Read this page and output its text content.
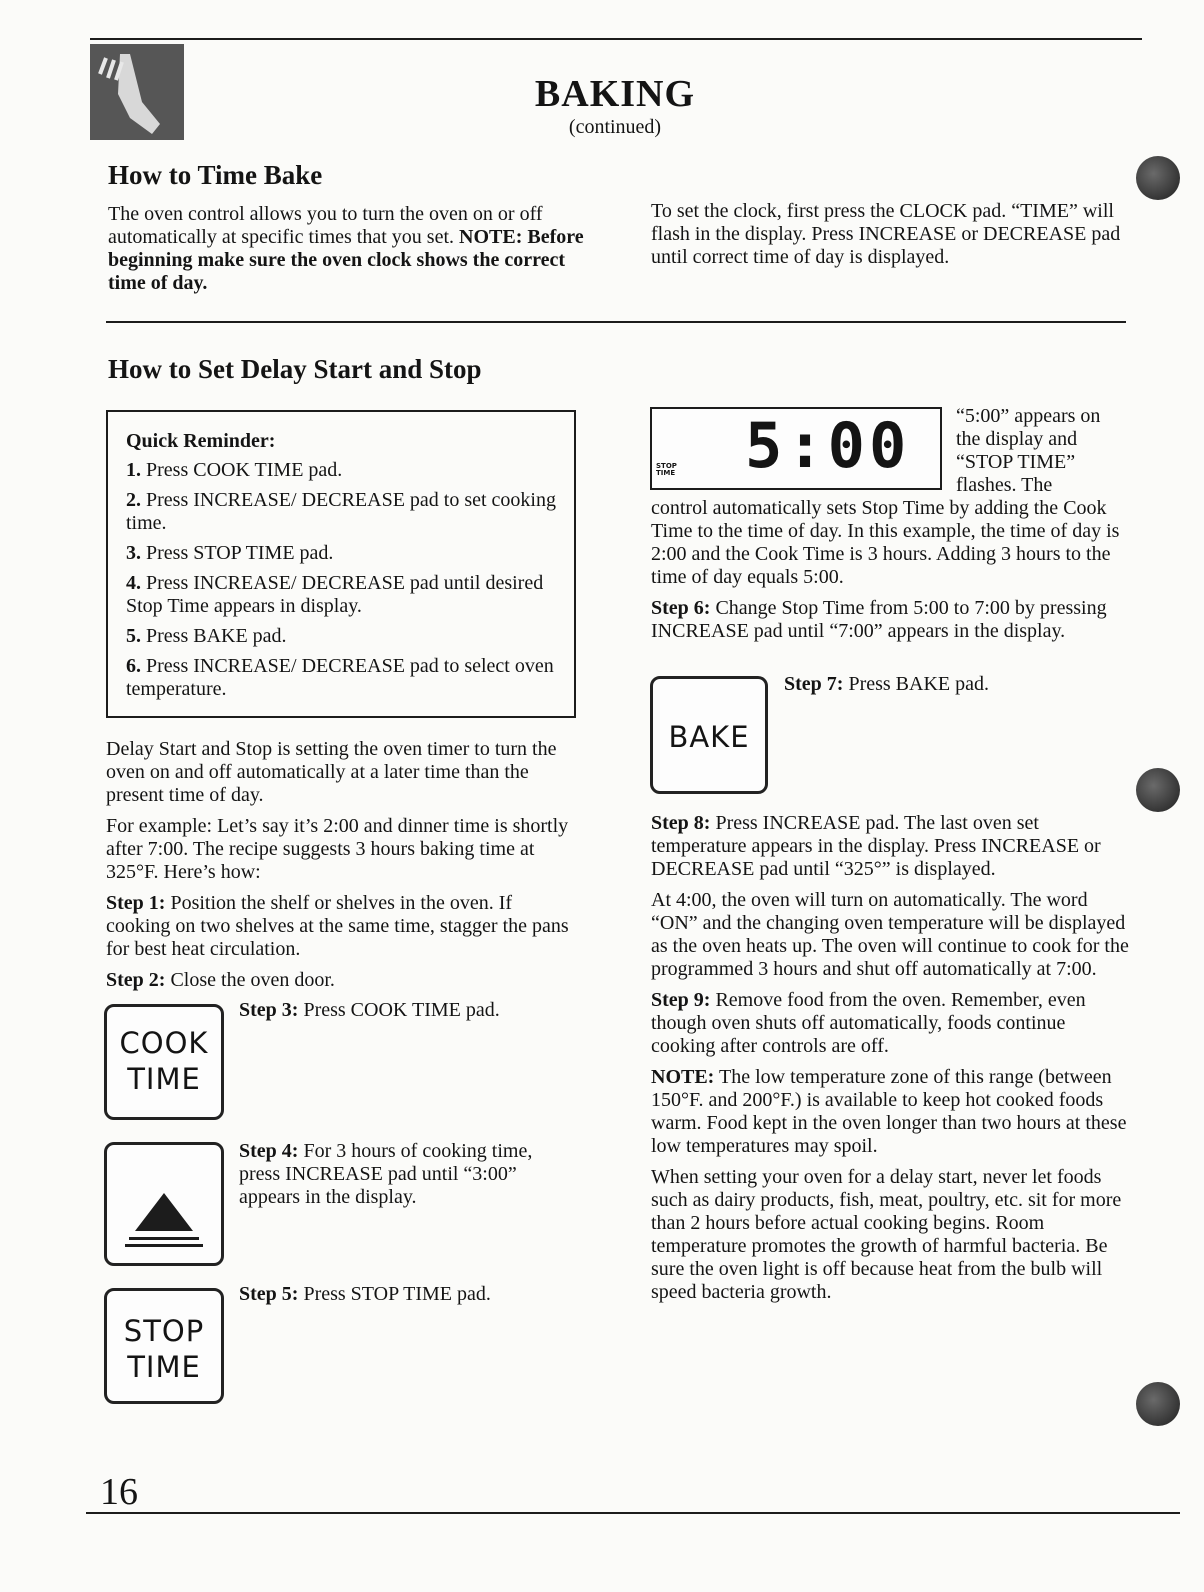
BAKING
(continued)
How to Time Bake
The oven control allows you to turn the oven on or off automatically at specific times that you set. NOTE: Before beginning make sure the oven clock shows the correct time of day.
To set the clock, first press the CLOCK pad. “TIME” will flash in the display. Press INCREASE or DECREASE pad until correct time of day is displayed.
How to Set Delay Start and Stop
Quick Reminder:
1. Press COOK TIME pad.
2. Press INCREASE/ DECREASE pad to set cooking time.
3. Press STOP TIME pad.
4. Press INCREASE/ DECREASE pad until desired Stop Time appears in display.
5. Press BAKE pad.
6. Press INCREASE/ DECREASE pad to select oven temperature.

Delay Start and Stop is setting the oven timer to turn the oven on and off automatically at a later time than the present time of day.

For example: Let’s say it’s 2:00 and dinner time is shortly after 7:00. The recipe suggests 3 hours baking time at 325°F. Here’s how:

Step 1: Position the shelf or shelves in the oven. If cooking on two shelves at the same time, stagger the pans for best heat circulation.

Step 2: Close the oven door.

COOK
TIME
Step 3: Press COOK TIME pad.
Step 4: For 3 hours of cooking time, press INCREASE pad until “3:00” appears in the display.
STOP
TIME
Step 5: Press STOP TIME pad.
5:00
STOP
TIME
“5:00” appears on the display and “STOP TIME” flashes. The

control automatically sets Stop Time by adding the Cook Time to the time of day. In this example, the time of day is 2:00 and the Cook Time is 3 hours. Adding 3 hours to the time of day equals 5:00.

Step 6: Change Stop Time from 5:00 to 7:00 by pressing INCREASE pad until “7:00” appears in the display.

BAKE
Step 7: Press BAKE pad.

Step 8: Press INCREASE pad. The last oven set temperature appears in the display. Press INCREASE or DECREASE pad until “325°” is displayed.

At 4:00, the oven will turn on automatically. The word “ON” and the changing oven temperature will be displayed as the oven heats up. The oven will continue to cook for the programmed 3 hours and shut off automatically at 7:00.

Step 9: Remove food from the oven. Remember, even though oven shuts off automatically, foods continue cooking after controls are off.

NOTE: The low temperature zone of this range (between 150°F. and 200°F.) is available to keep hot cooked foods warm. Food kept in the oven longer than two hours at these low temperatures may spoil.

When setting your oven for a delay start, never let foods such as dairy products, fish, meat, poultry, etc. sit for more than 2 hours before actual cooking begins. Room temperature promotes the growth of harmful bacteria. Be sure the oven light is off because heat from the bulb will speed bacteria growth.

16
